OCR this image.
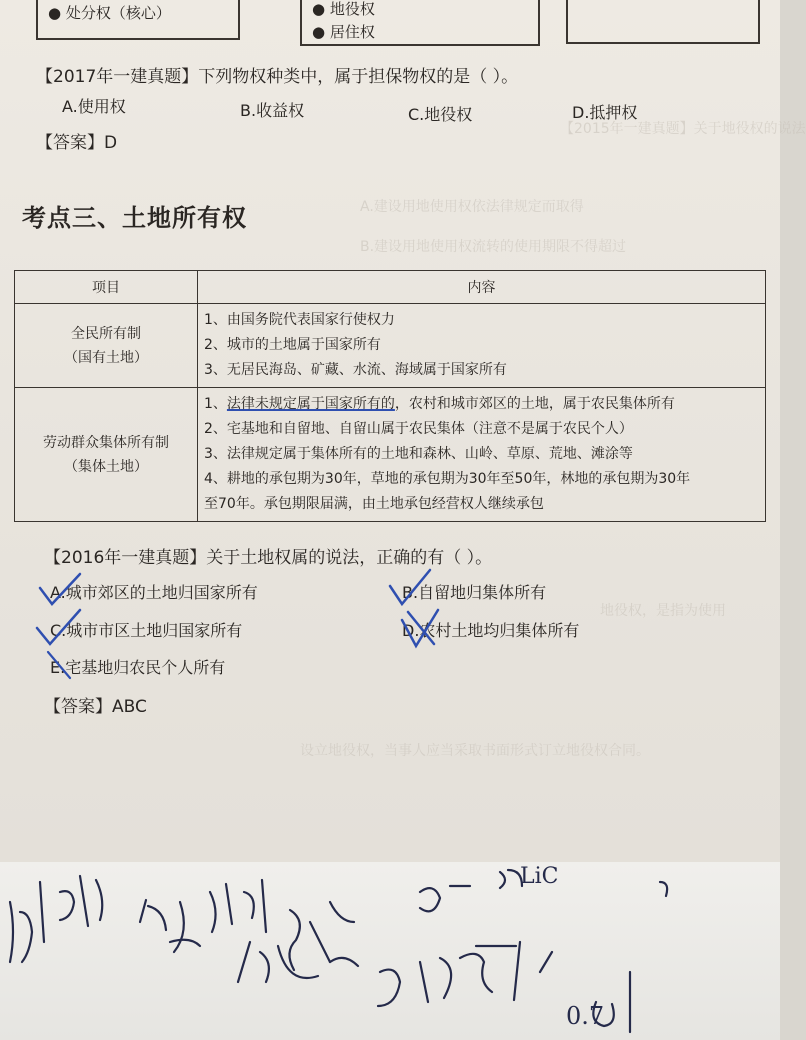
【2015年一建真题】关于地役权的说法
A.建设用地使用权依法律规定而取得
B.建设用地使用权流转的使用期限不得超过
地役权，是指为使用
设立地役权，当事人应当采取书面形式订立地役权合同。
● 处分权（核心）	● 地役权
● 居住权
【2017年一建真题】下列物权种类中，属于担保物权的是（ ）。
A.使用权	B.收益权	C.地役权	D.抵押权
【答案】D
考点三、土地所有权
项目	内容

全民所有制
（国有土地）	1、由国务院代表国家行使权力
2、城市的土地属于国家所有
3、无居民海岛、矿藏、水流、海域属于国家所有

劳动群众集体所有制
（集体土地）	1、法律未规定属于国家所有的，农村和城市郊区的土地，属于农民集体所有
2、宅基地和自留地、自留山属于农民集体（注意不是属于农民个人）
3、法律规定属于集体所有的土地和森林、山岭、草原、荒地、滩涂等
4、耕地的承包期为30年，草地的承包期为30年至50年，林地的承包期为30年
至70年。承包期限届满，由土地承包经营权人继续承包
【2016年一建真题】关于土地权属的说法，正确的有（ ）。
A.城市郊区的土地归国家所有	B.自留地归集体所有
C.城市市区土地归国家所有	D.农村土地均归集体所有
E.宅基地归农民个人所有
【答案】ABC
LiC
0.7
